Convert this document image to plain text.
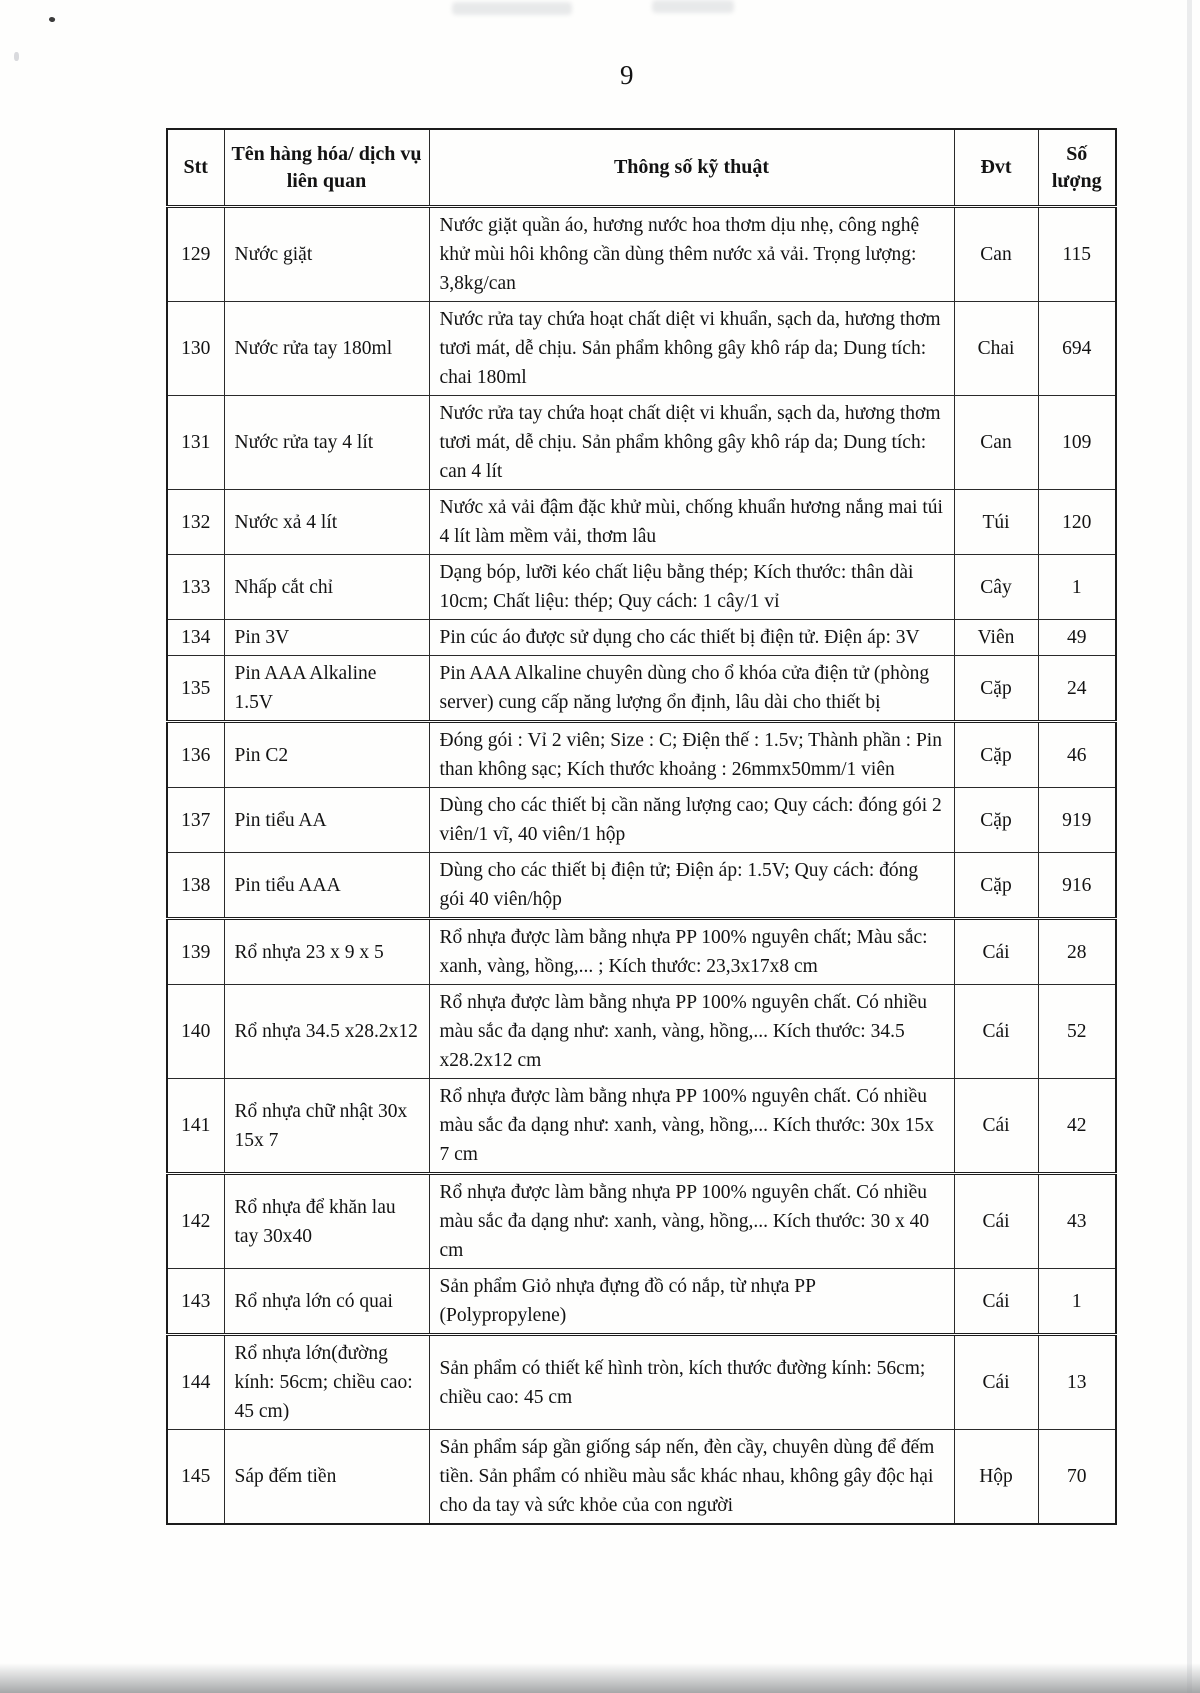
9
Stt	Tên hàng hóa/ dịch vụ liên quan	Thông số kỹ thuật	Đvt	Số lượng
129	Nước giặt	Nước giặt quần áo, hương nước hoa thơm dịu nhẹ, công nghệ khử mùi hôi không cần dùng thêm nước xả vải. Trọng lượng: 3,8kg/can	Can	115
130	Nước rửa tay 180ml	Nước rửa tay chứa hoạt chất diệt vi khuẩn, sạch da, hương thơm tươi mát, dễ chịu. Sản phẩm không gây khô ráp da; Dung tích: chai 180ml	Chai	694
131	Nước rửa tay 4 lít	Nước rửa tay chứa hoạt chất diệt vi khuẩn, sạch da, hương thơm tươi mát, dễ chịu. Sản phẩm không gây khô ráp da; Dung tích: can 4 lít	Can	109
132	Nước xả 4 lít	Nước xả vải đậm đặc khử mùi, chống khuẩn hương nắng mai túi 4 lít làm mềm vải, thơm lâu	Túi	120
133	Nhấp cắt chỉ	Dạng bóp, lưỡi kéo chất liệu bằng thép; Kích thước: thân dài 10cm; Chất liệu: thép; Quy cách: 1 cây/1 vỉ	Cây	1
134	Pin 3V	Pin cúc áo được sử dụng cho các thiết bị điện tử. Điện áp: 3V	Viên	49
135	Pin AAA Alkaline 1.5V	Pin AAA Alkaline chuyên dùng cho ổ khóa cửa điện tử (phòng server) cung cấp năng lượng ổn định, lâu dài cho thiết bị	Cặp	24
136	Pin C2	Đóng gói : Vỉ 2 viên; Size : C; Điện thế : 1.5v; Thành phần : Pin than không sạc; Kích thước khoảng : 26mmx50mm/1 viên	Cặp	46
137	Pin tiểu AA	Dùng cho các thiết bị cần năng lượng cao; Quy cách: đóng gói 2 viên/1 vĩ, 40 viên/1 hộp	Cặp	919
138	Pin tiểu AAA	Dùng cho các thiết bị điện tử; Điện áp: 1.5V; Quy cách: đóng gói 40 viên/hộp	Cặp	916
139	Rổ nhựa 23 x 9 x 5	Rổ nhựa được làm bằng nhựa PP 100% nguyên chất; Màu sắc: xanh, vàng, hồng,... ; Kích thước: 23,3x17x8 cm	Cái	28
140	Rổ nhựa 34.5 x28.2x12	Rổ nhựa được làm bằng nhựa PP 100% nguyên chất. Có nhiều màu sắc đa dạng như: xanh, vàng, hồng,... Kích thước: 34.5 x28.2x12 cm	Cái	52
141	Rổ nhựa chữ nhật 30x 15x 7	Rổ nhựa được làm bằng nhựa PP 100% nguyên chất. Có nhiều màu sắc đa dạng như: xanh, vàng, hồng,... Kích thước: 30x 15x 7 cm	Cái	42
142	Rổ nhựa để khăn lau tay 30x40	Rổ nhựa được làm bằng nhựa PP 100% nguyên chất. Có nhiều màu sắc đa dạng như: xanh, vàng, hồng,... Kích thước: 30 x 40 cm	Cái	43
143	Rổ nhựa lớn có quai	Sản phẩm Giỏ nhựa đựng đồ có nắp, từ nhựa PP (Polypropylene)	Cái	1
144	Rổ nhựa lớn(đường kính: 56cm; chiều cao: 45 cm)	Sản phẩm có thiết kế hình tròn, kích thước đường kính: 56cm; chiều cao: 45 cm	Cái	13
145	Sáp đếm tiền	Sản phẩm sáp gần giống sáp nến, đèn cầy, chuyên dùng để đếm tiền. Sản phẩm có nhiều màu sắc khác nhau, không gây độc hại cho da tay và sức khỏe của con người	Hộp	70
